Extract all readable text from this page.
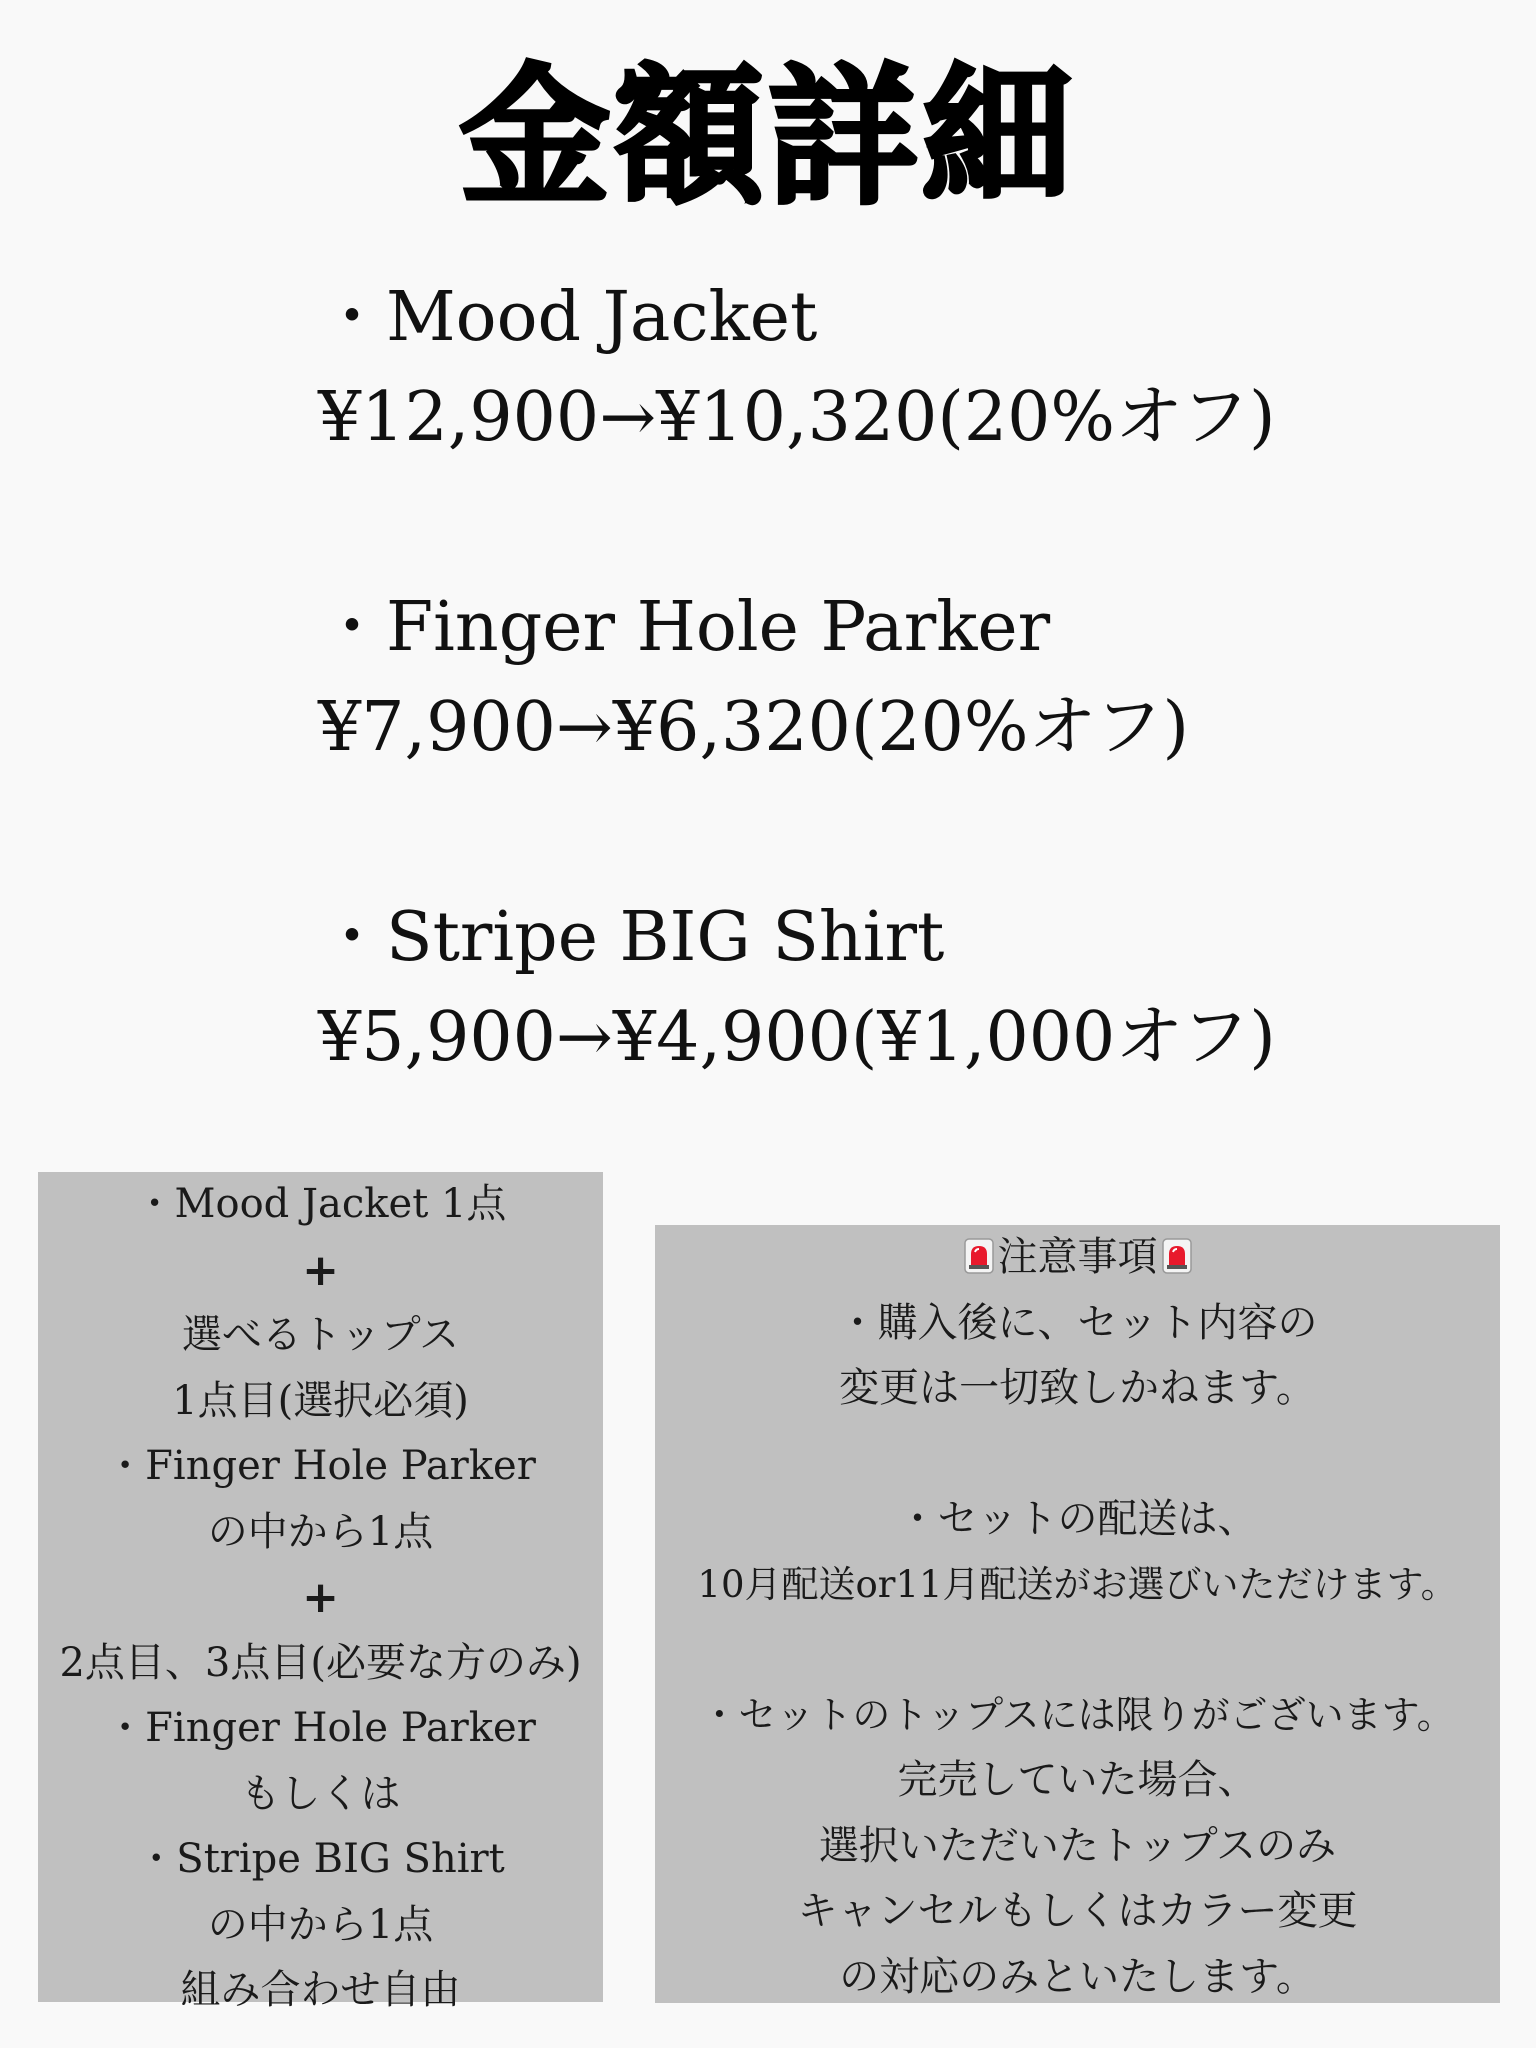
金額詳細
・Mood Jacket
¥12,900→¥10,320(20%オフ)
・Finger Hole Parker
¥7,900→¥6,320(20%オフ)
・Stripe BIG Shirt
¥5,900→¥4,900(¥1,000オフ)
・Mood Jacket 1点
+
選べるトップス
1点目(選択必須)
・Finger Hole Parker
の中から1点
+
2点目、3点目(必要な方のみ)
・Finger Hole Parker
もしくは
・Stripe BIG Shirt
の中から1点
組み合わせ自由
注意事項
・購入後に、セット内容の
変更は一切致しかねます。
・セットの配送は、
10月配送or11月配送がお選びいただけます。
・セットのトップスには限りがございます。
完売していた場合、
選択いただいたトップスのみ
キャンセルもしくはカラー変更
の対応のみといたします。
